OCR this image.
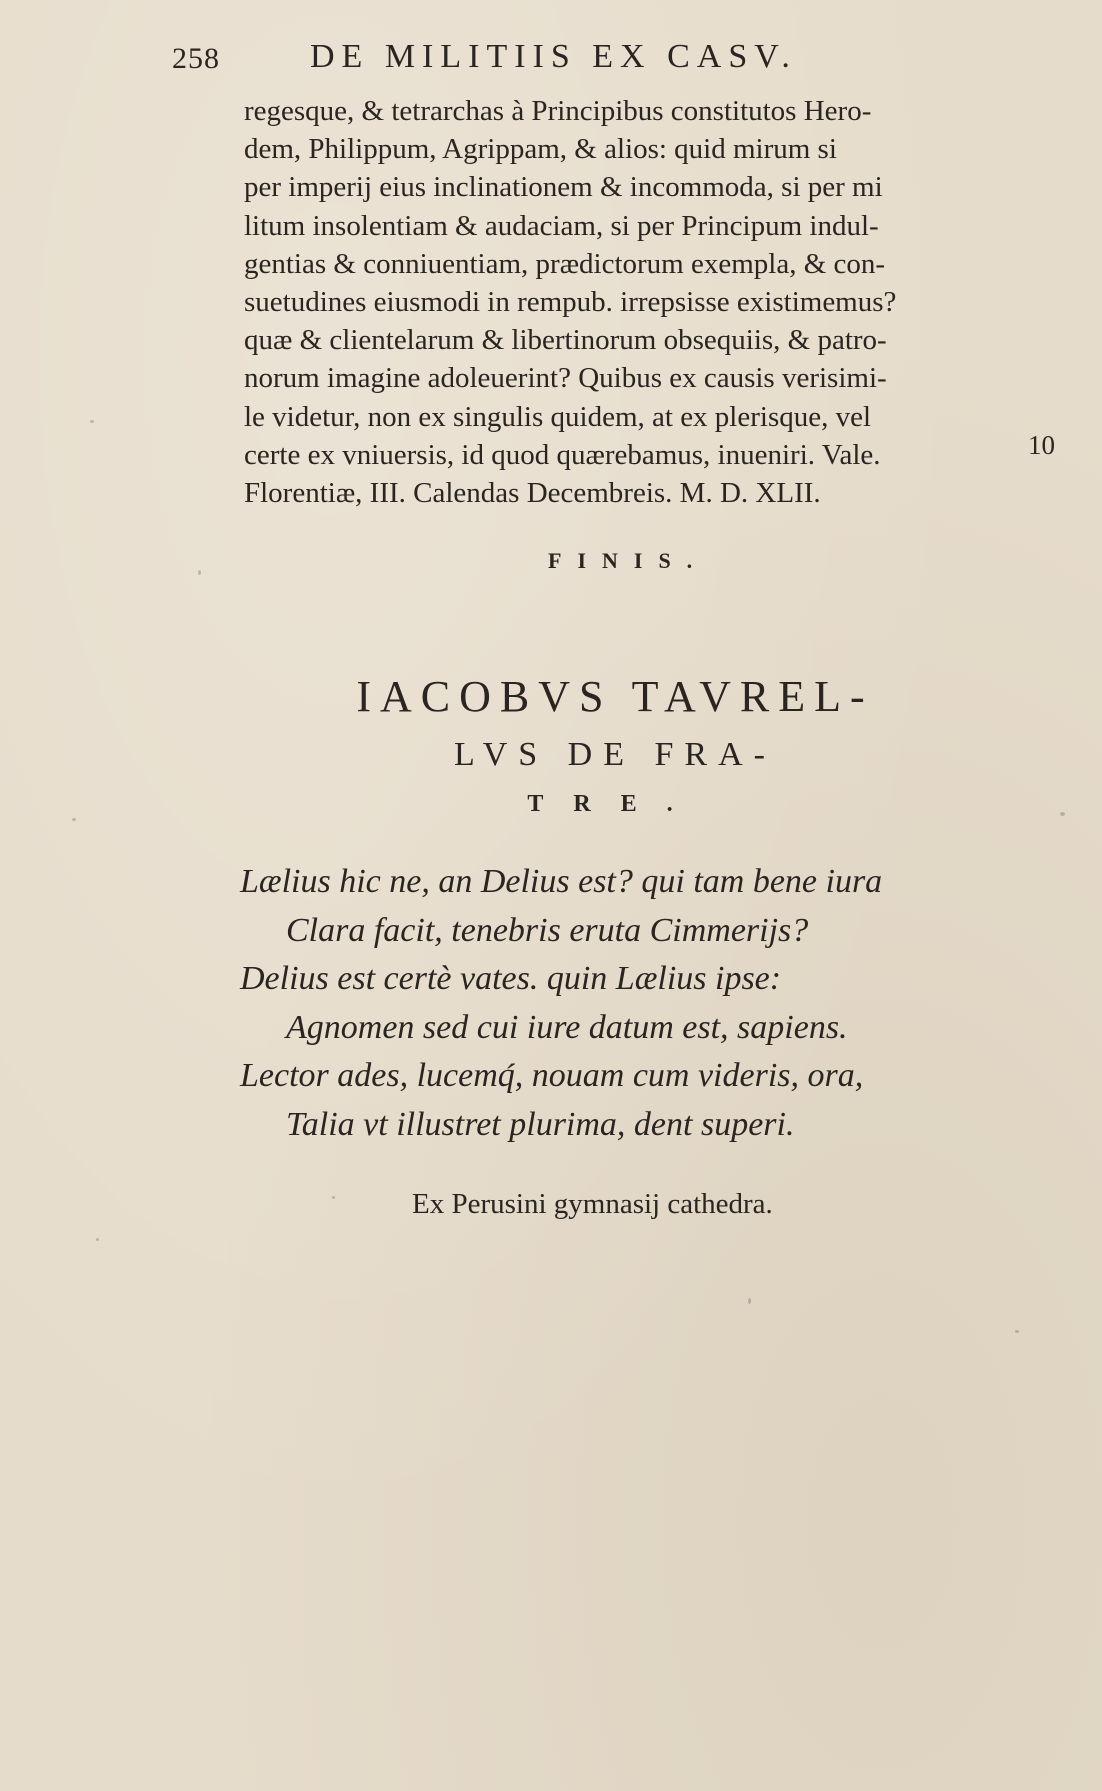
258	DE MILITIIS EX CASV.
regesque, & tetrarchas à Principibus constitutos Hero-
dem, Philippum, Agrippam, & alios: quid mirum si
per imperij eius inclinationem & incommoda, si per mi
litum insolentiam & audaciam, si per Principum indul-
gentias & conniuentiam, prædictorum exempla, & con-
suetudines eiusmodi in rempub. irrepsisse existimemus?
quæ & clientelarum & libertinorum obsequiis, & patro-
norum imagine adoleuerint? Quibus ex causis verisimi-
le videtur, non ex singulis quidem, at ex plerisque, vel
certe ex vniuersis, id quod quærebamus, inueniri. Vale.
Florentiæ, III. Calendas Decembreis. M. D. XLII.
10
FINIS.
IACOBVS TAVREL-
LVS DE FRA-
TRE.
Lælius hic ne, an Delius est? qui tam bene iura
Clara facit, tenebris eruta Cimmerijs?
Delius est certè vates. quin Lælius ipse:
Agnomen sed cui iure datum est, sapiens.
Lector ades, lucemq́, nouam cum videris, ora,
Talia vt illustret plurima, dent superi.
Ex Perusini gymnasij cathedra.
